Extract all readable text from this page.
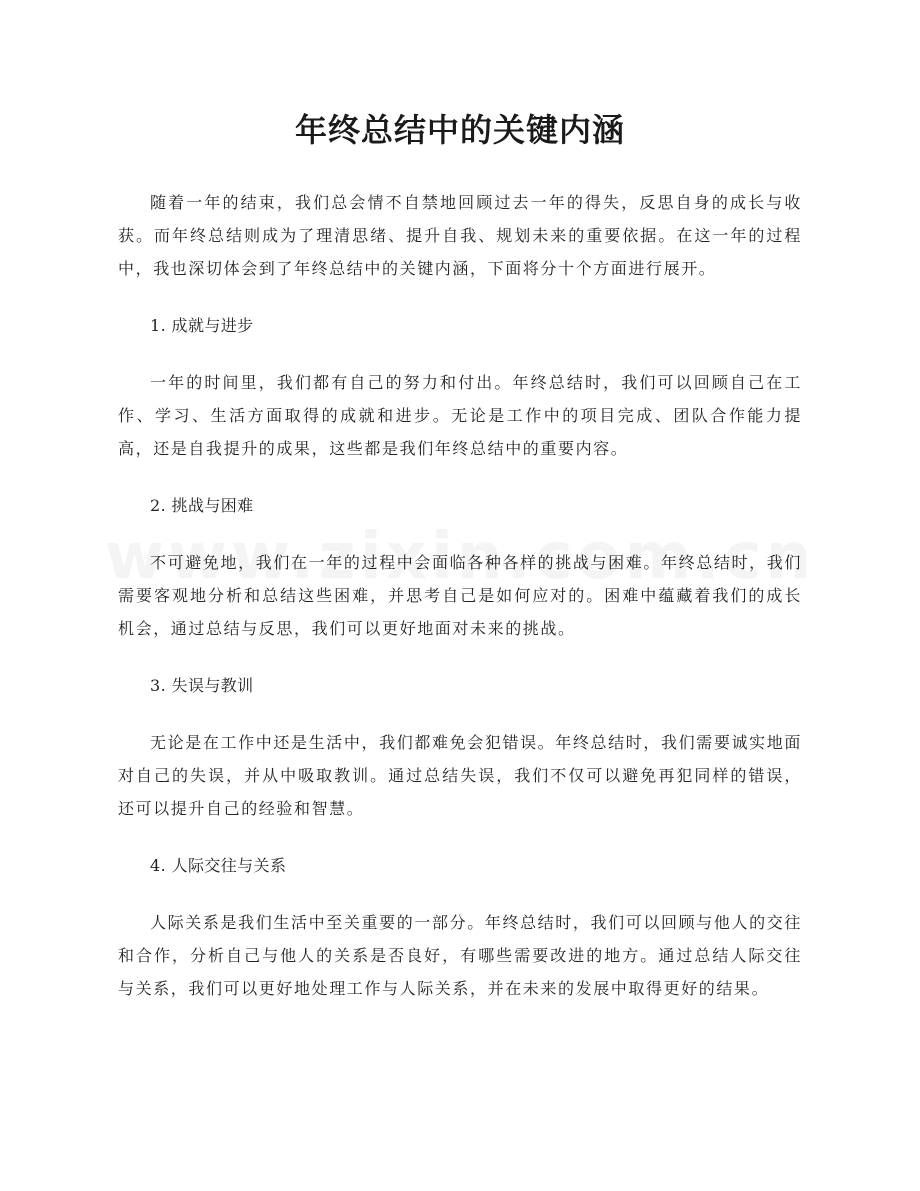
年终总结中的关键内涵

随着一年的结束，我们总会情不自禁地回顾过去一年的得失，反思自身的成长与收获。而年终总结则成为了理清思绪、提升自我、规划未来的重要依据。在这一年的过程中，我也深切体会到了年终总结中的关键内涵，下面将分十个方面进行展开。

1. 成就与进步

一年的时间里，我们都有自己的努力和付出。年终总结时，我们可以回顾自己在工作、学习、生活方面取得的成就和进步。无论是工作中的项目完成、团队合作能力提高，还是自我提升的成果，这些都是我们年终总结中的重要内容。

2. 挑战与困难

不可避免地，我们在一年的过程中会面临各种各样的挑战与困难。年终总结时，我们需要客观地分析和总结这些困难，并思考自己是如何应对的。困难中蕴藏着我们的成长机会，通过总结与反思，我们可以更好地面对未来的挑战。

3. 失误与教训

无论是在工作中还是生活中，我们都难免会犯错误。年终总结时，我们需要诚实地面对自己的失误，并从中吸取教训。通过总结失误，我们不仅可以避免再犯同样的错误，还可以提升自己的经验和智慧。

4. 人际交往与关系

人际关系是我们生活中至关重要的一部分。年终总结时，我们可以回顾与他人的交往和合作，分析自己与他人的关系是否良好，有哪些需要改进的地方。通过总结人际交往与关系，我们可以更好地处理工作与人际关系，并在未来的发展中取得更好的结果。
